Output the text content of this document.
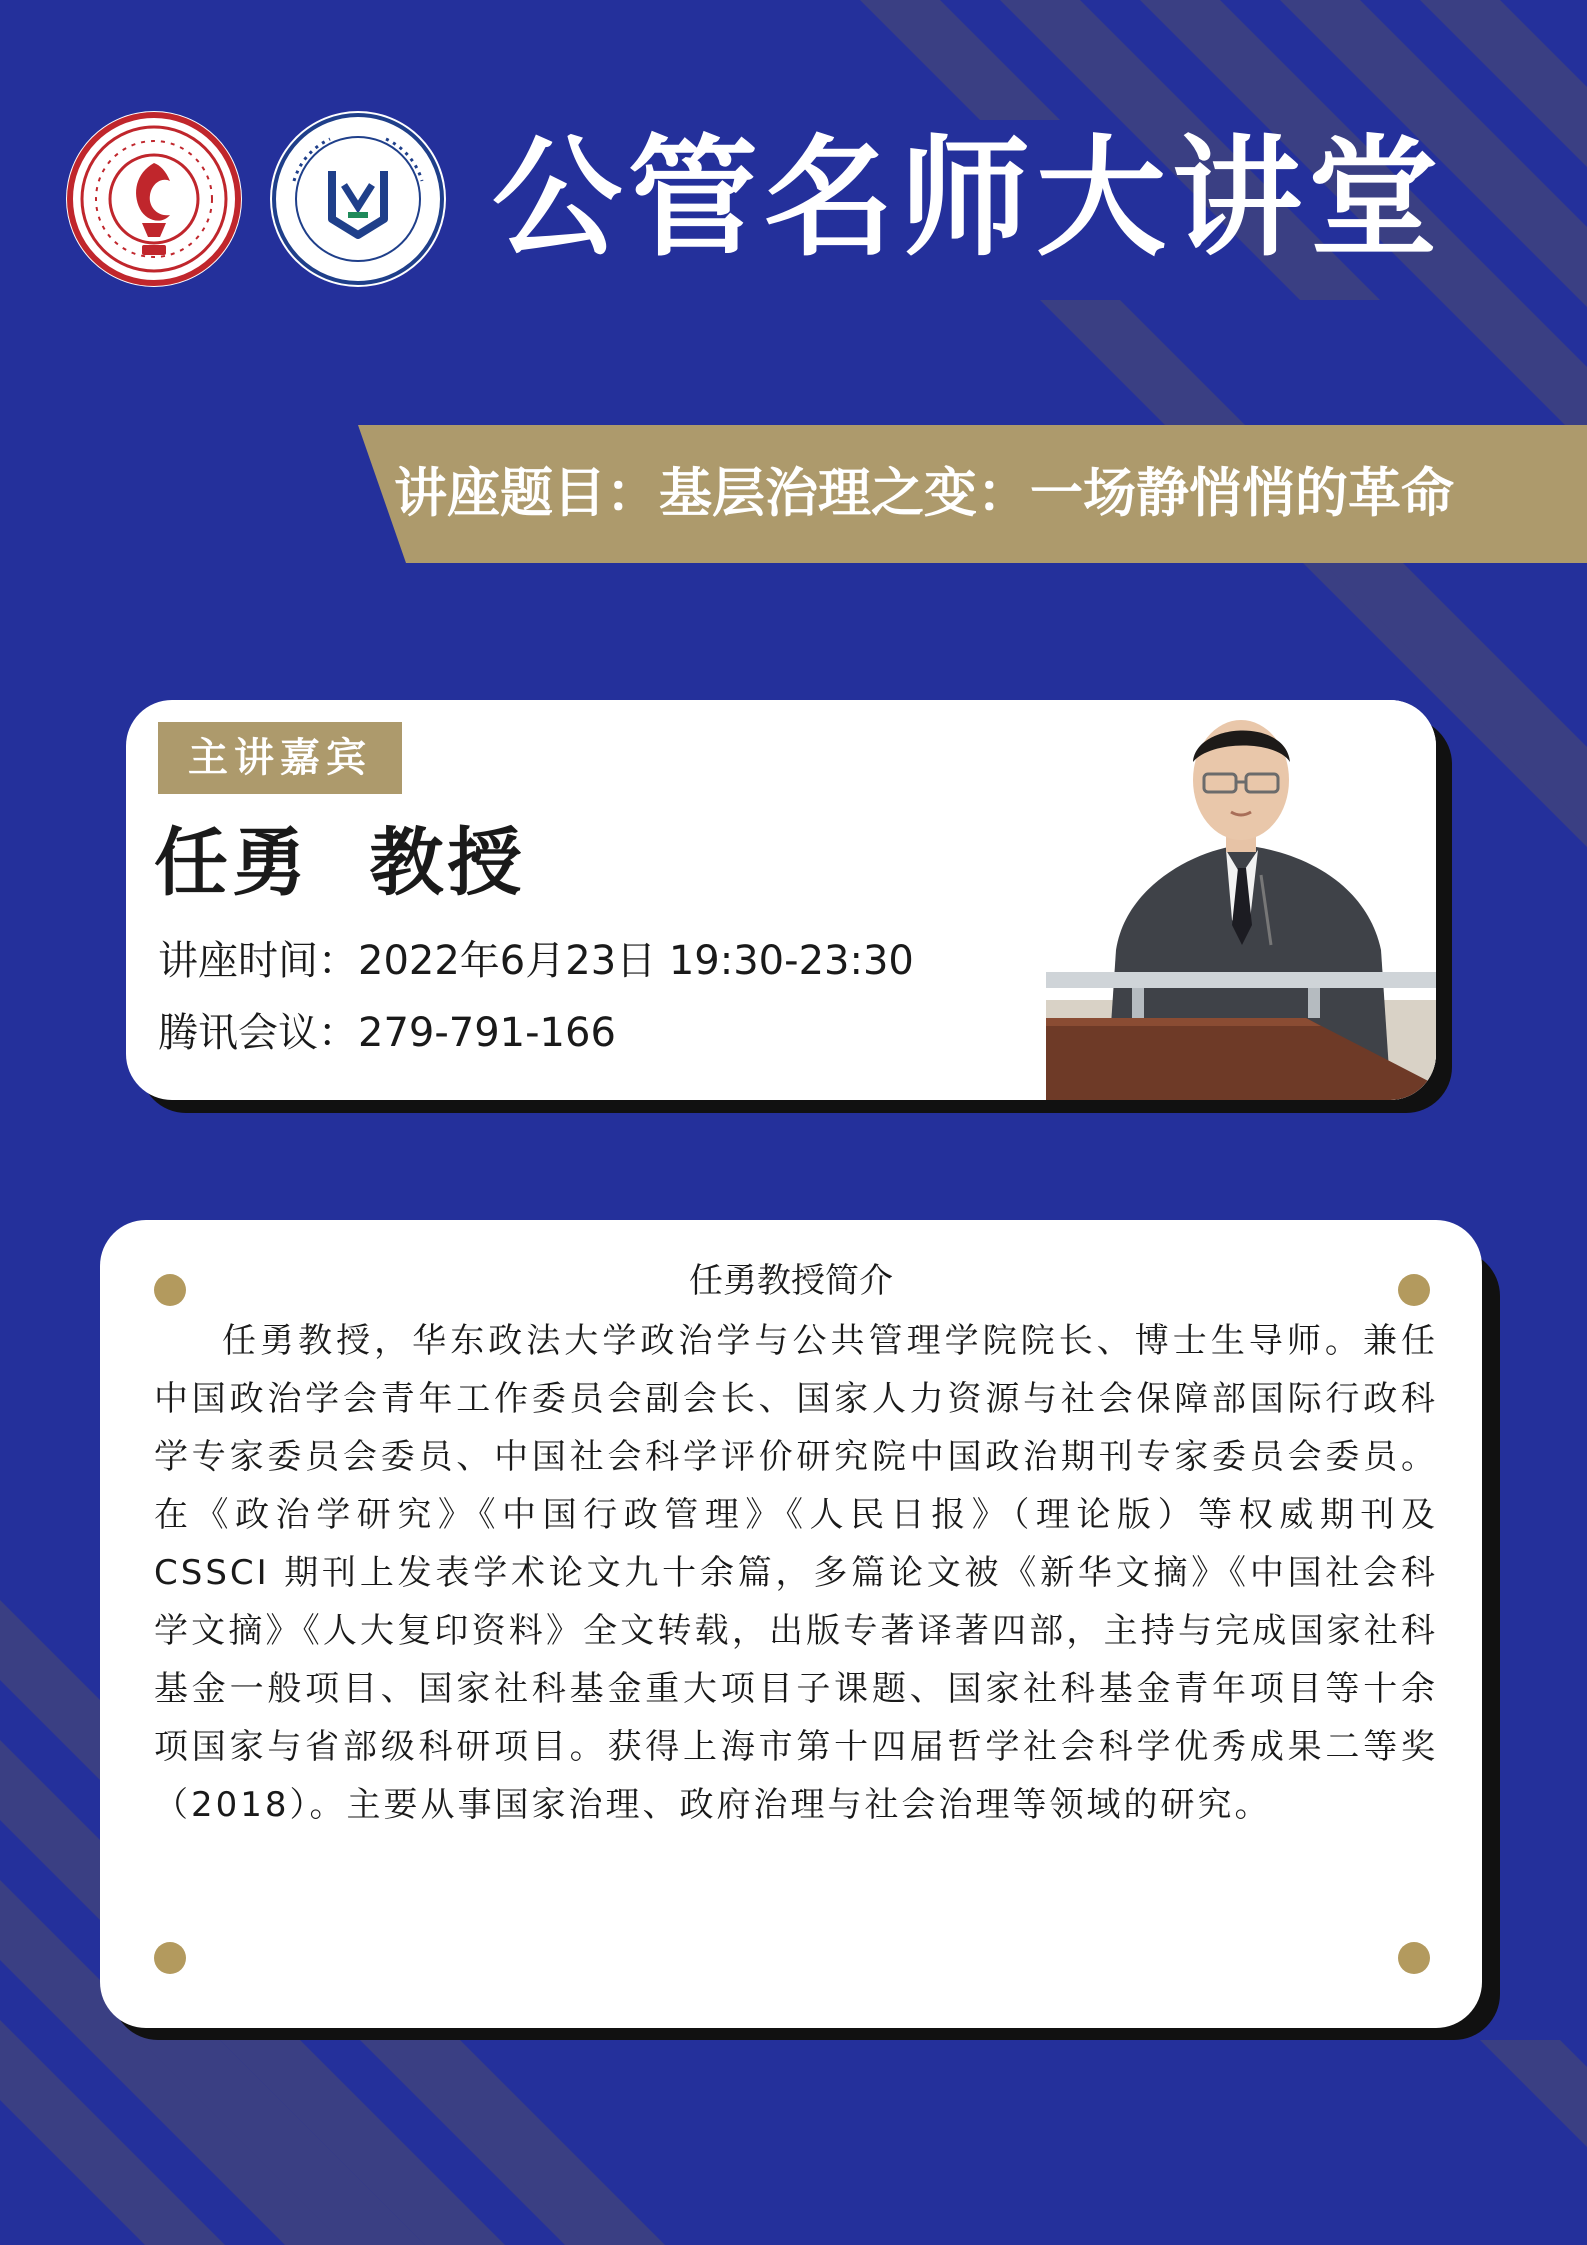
公管名师大讲堂
讲座题目：基层治理之变：一场静悄悄的革命
主讲嘉宾
任勇  教授
讲座时间：2022年6月23日 19:30-23:30
腾讯会议：279-791-166
任勇教授简介

任勇教授，华东政法大学政治学与公共管理学院院长、博士生导师。兼任中国政治学会青年工作委员会副会长、国家人力资源与社会保障部国际行政科学专家委员会委员、中国社会科学评价研究院中国政治期刊专家委员会委员。在《政治学研究》《中国行政管理》《人民日报》（理论版）等权威期刊及 CSSCI 期刊上发表学术论文九十余篇，多篇论文被《新华文摘》《中国社会科学文摘》《人大复印资料》全文转载，出版专著译著四部，主持与完成国家社科基金一般项目、国家社科基金重大项目子课题、国家社科基金青年项目等十余项国家与省部级科研项目。获得上海市第十四届哲学社会科学优秀成果二等奖（2018）。主要从事国家治理、政府治理与社会治理等领域的研究。
